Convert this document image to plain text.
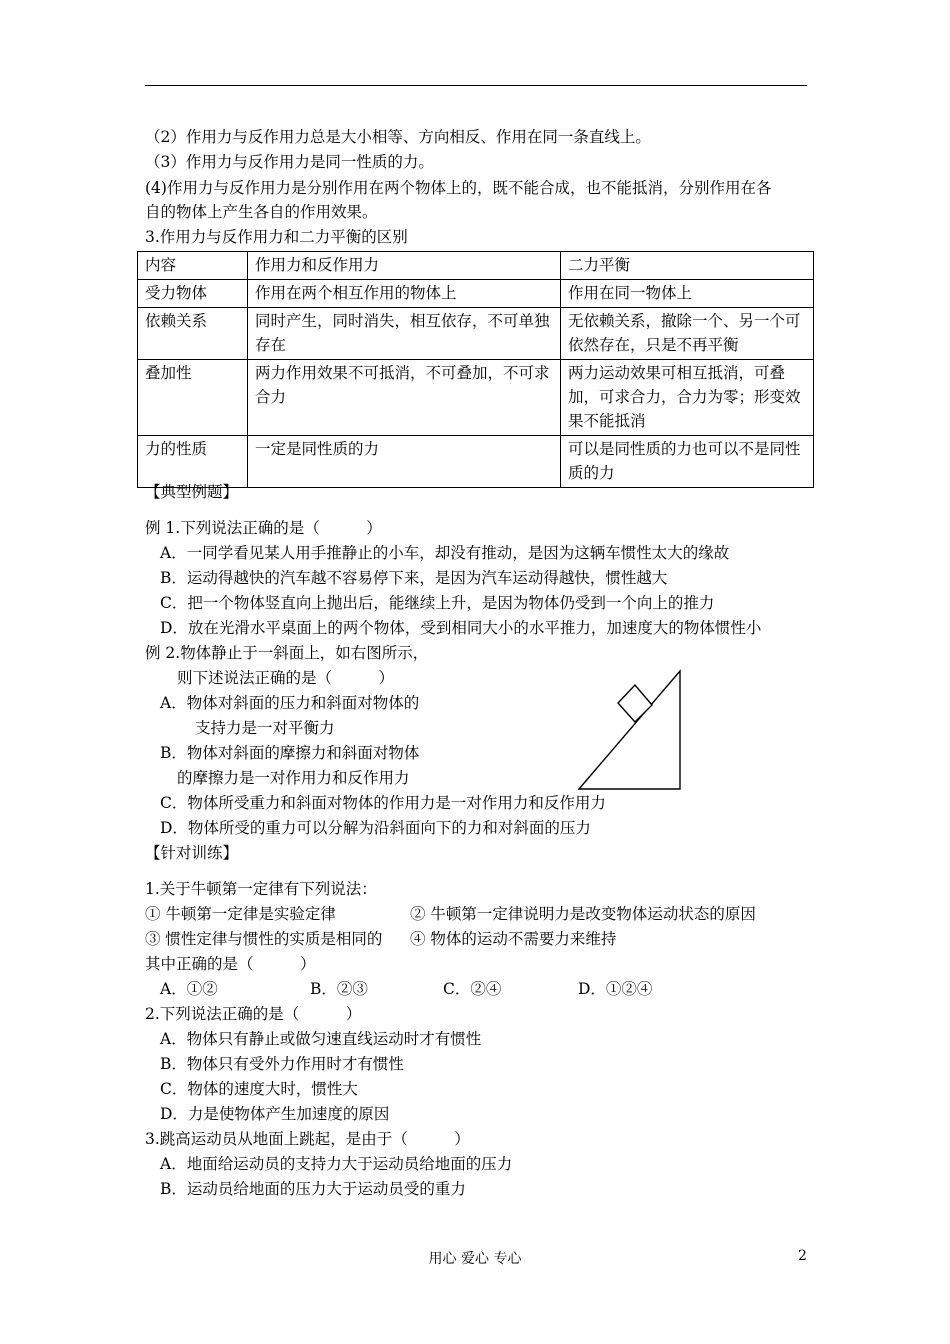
（2）作用力与反作用力总是大小相等、方向相反、作用在同一条直线上。
（3）作用力与反作用力是同一性质的力。
(4)作用力与反作用力是分别作用在两个物体上的，既不能合成，也不能抵消，分别作用在各
自的物体上产生各自的作用效果。
3.作用力与反作用力和二力平衡的区别
内容	作用力和反作用力	二力平衡
受力物体	作用在两个相互作用的物体上	作用在同一物体上
依赖关系	同时产生，同时消失，相互依存，不可单独存在	无依赖关系，撤除一个、另一个可依然存在，只是不再平衡
叠加性	两力作用效果不可抵消，不可叠加，不可求合力	两力运动效果可相互抵消，可叠加，可求合力，合力为零；形变效果不能抵消
力的性质	一定是同性质的力	可以是同性质的力也可以不是同性质的力
【典型例题】
例 1.下列说法正确的是（　　　）
A．一同学看见某人用手推静止的小车，却没有推动，是因为这辆车惯性太大的缘故
B．运动得越快的汽车越不容易停下来，是因为汽车运动得越快，惯性越大
C．把一个物体竖直向上抛出后，能继续上升，是因为物体仍受到一个向上的推力
D．放在光滑水平桌面上的两个物体，受到相同大小的水平推力，加速度大的物体惯性小
例 2.物体静止于一斜面上，如右图所示，
则下述说法正确的是（　　　）
A．物体对斜面的压力和斜面对物体的
支持力是一对平衡力
B．物体对斜面的摩擦力和斜面对物体
的摩擦力是一对作用力和反作用力
C．物体所受重力和斜面对物体的作用力是一对作用力和反作用力
D．物体所受的重力可以分解为沿斜面向下的力和对斜面的压力
【针对训练】
1.关于牛顿第一定律有下列说法：
① 牛顿第一定律是实验定律	② 牛顿第一定律说明力是改变物体运动状态的原因
③ 惯性定律与惯性的实质是相同的 ④ 物体的运动不需要力来维持
其中正确的是（　　　）
A．①②	B．②③	C．②④	D．①②④
2.下列说法正确的是（　　　）
A．物体只有静止或做匀速直线运动时才有惯性
B．物体只有受外力作用时才有惯性
C．物体的速度大时，惯性大
D．力是使物体产生加速度的原因
3.跳高运动员从地面上跳起，是由于（　　　）
A．地面给运动员的支持力大于运动员给地面的压力
B．运动员给地面的压力大于运动员受的重力
用心 爱心 专心	2
